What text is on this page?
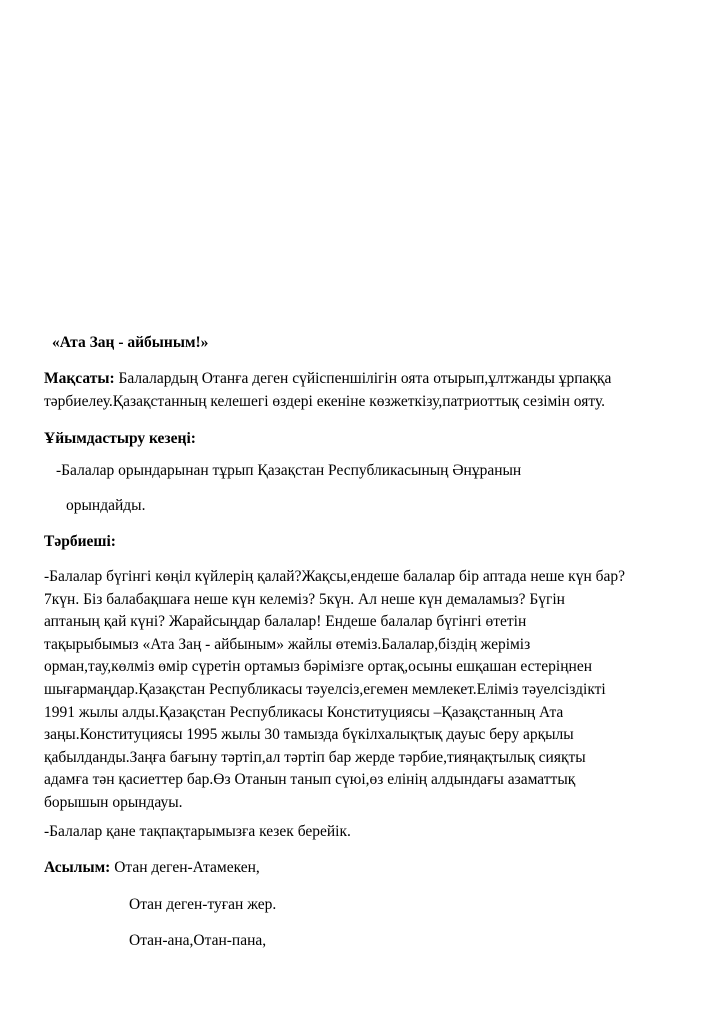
«Ата Заң - айбыным!»
Мақсаты: Балалардың Отанға деген сүйіспеншілігін оята отырып,ұлтжанды ұрпаққа
тәрбиелеу.Қазақстанның келешегі өздері екеніне көзжеткізу,патриоттық сезімін ояту.
Ұйымдастыру кезеңі:
-Балалар орындарынан тұрып Қазақстан Республикасының Әнұранын
орындайды.
Тәрбиеші:
-Балалар бүгінгі көңіл күйлерің қалай?Жақсы,ендеше балалар бір аптада неше күн бар?
7күн. Біз балабақшаға неше күн келеміз? 5күн. Ал неше күн демаламыз? Бүгін
аптаның қай күні? Жарайсыңдар балалар! Ендеше балалар бүгінгі өтетін
тақырыбымыз «Ата Заң - айбыным» жайлы өтеміз.Балалар,біздің жеріміз
орман,тау,көлміз өмір сүретін ортамыз бәрімізге ортақ,осыны ешқашан естеріңнен
шығармаңдар.Қазақстан Республикасы тәуелсіз,егемен мемлекет.Еліміз тәуелсіздікті
1991 жылы алды.Қазақстан Республикасы Конституциясы –Қазақстанның Ата
заңы.Конституциясы 1995 жылы 30 тамызда бүкілхалықтық дауыс беру арқылы
қабылданды.Заңға бағыну тәртіп,ал тәртіп бар жерде тәрбие,тияңақтылық сияқты
адамға тән қасиеттер бар.Өз Отанын танып сүюі,өз елінің алдындағы азаматтық
борышын орындауы.
-Балалар қане тақпақтарымызға кезек берейік.
Асылым: Отан деген-Атамекен,
Отан деген-туған жер.
Отан-ана,Отан-пана,
